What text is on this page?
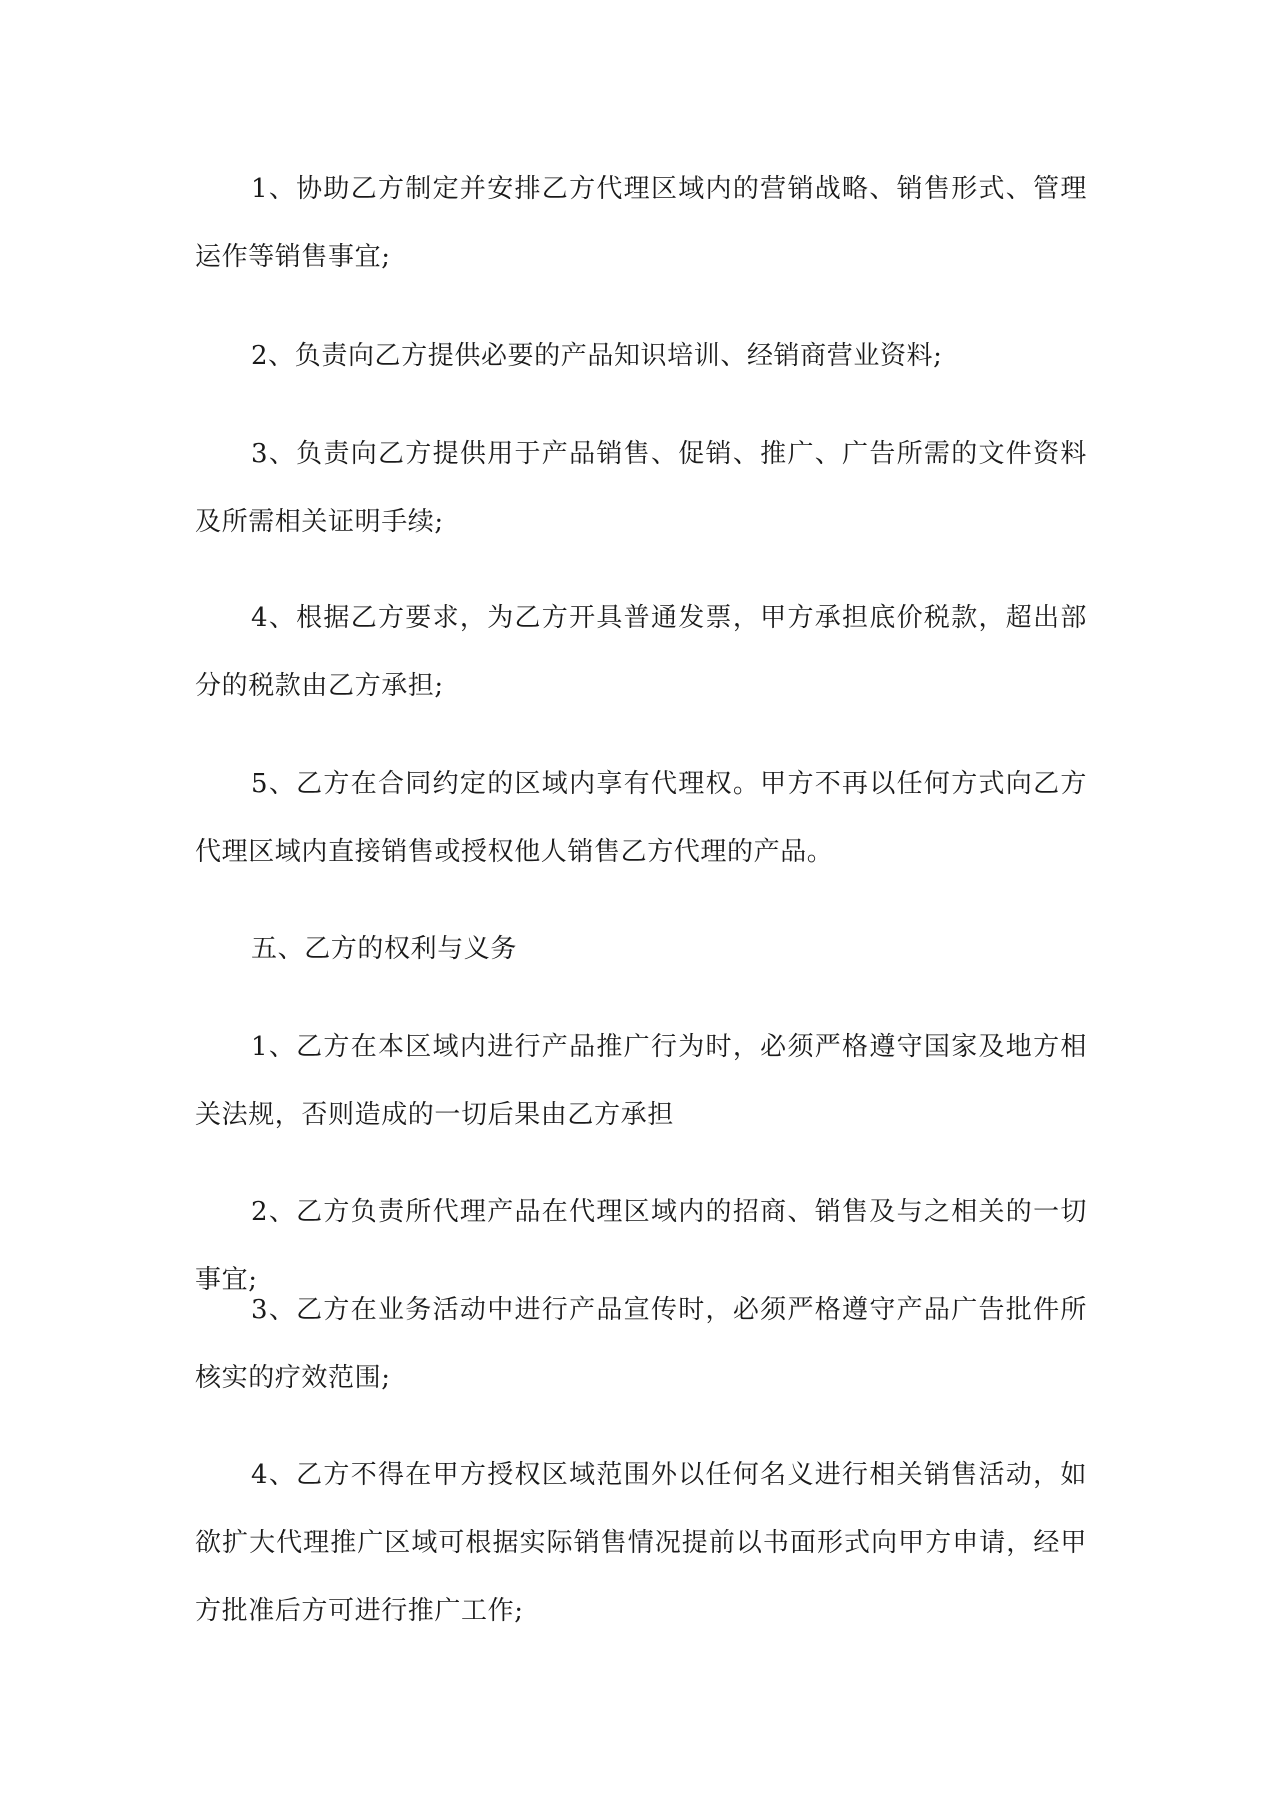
1、协助乙方制定并安排乙方代理区域内的营销战略、销售形式、管理运作等销售事宜;

2、负责向乙方提供必要的产品知识培训、经销商营业资料;

3、负责向乙方提供用于产品销售、促销、推广、广告所需的文件资料及所需相关证明手续;

4、根据乙方要求，为乙方开具普通发票，甲方承担底价税款，超出部分的税款由乙方承担;

5、乙方在合同约定的区域内享有代理权。甲方不再以任何方式向乙方代理区域内直接销售或授权他人销售乙方代理的产品。

五、乙方的权利与义务

1、乙方在本区域内进行产品推广行为时，必须严格遵守国家及地方相关法规，否则造成的一切后果由乙方承担

2、乙方负责所代理产品在代理区域内的招商、销售及与之相关的一切事宜;

3、乙方在业务活动中进行产品宣传时，必须严格遵守产品广告批件所核实的疗效范围;

4、乙方不得在甲方授权区域范围外以任何名义进行相关销售活动，如欲扩大代理推广区域可根据实际销售情况提前以书面形式向甲方申请，经甲方批准后方可进行推广工作;
